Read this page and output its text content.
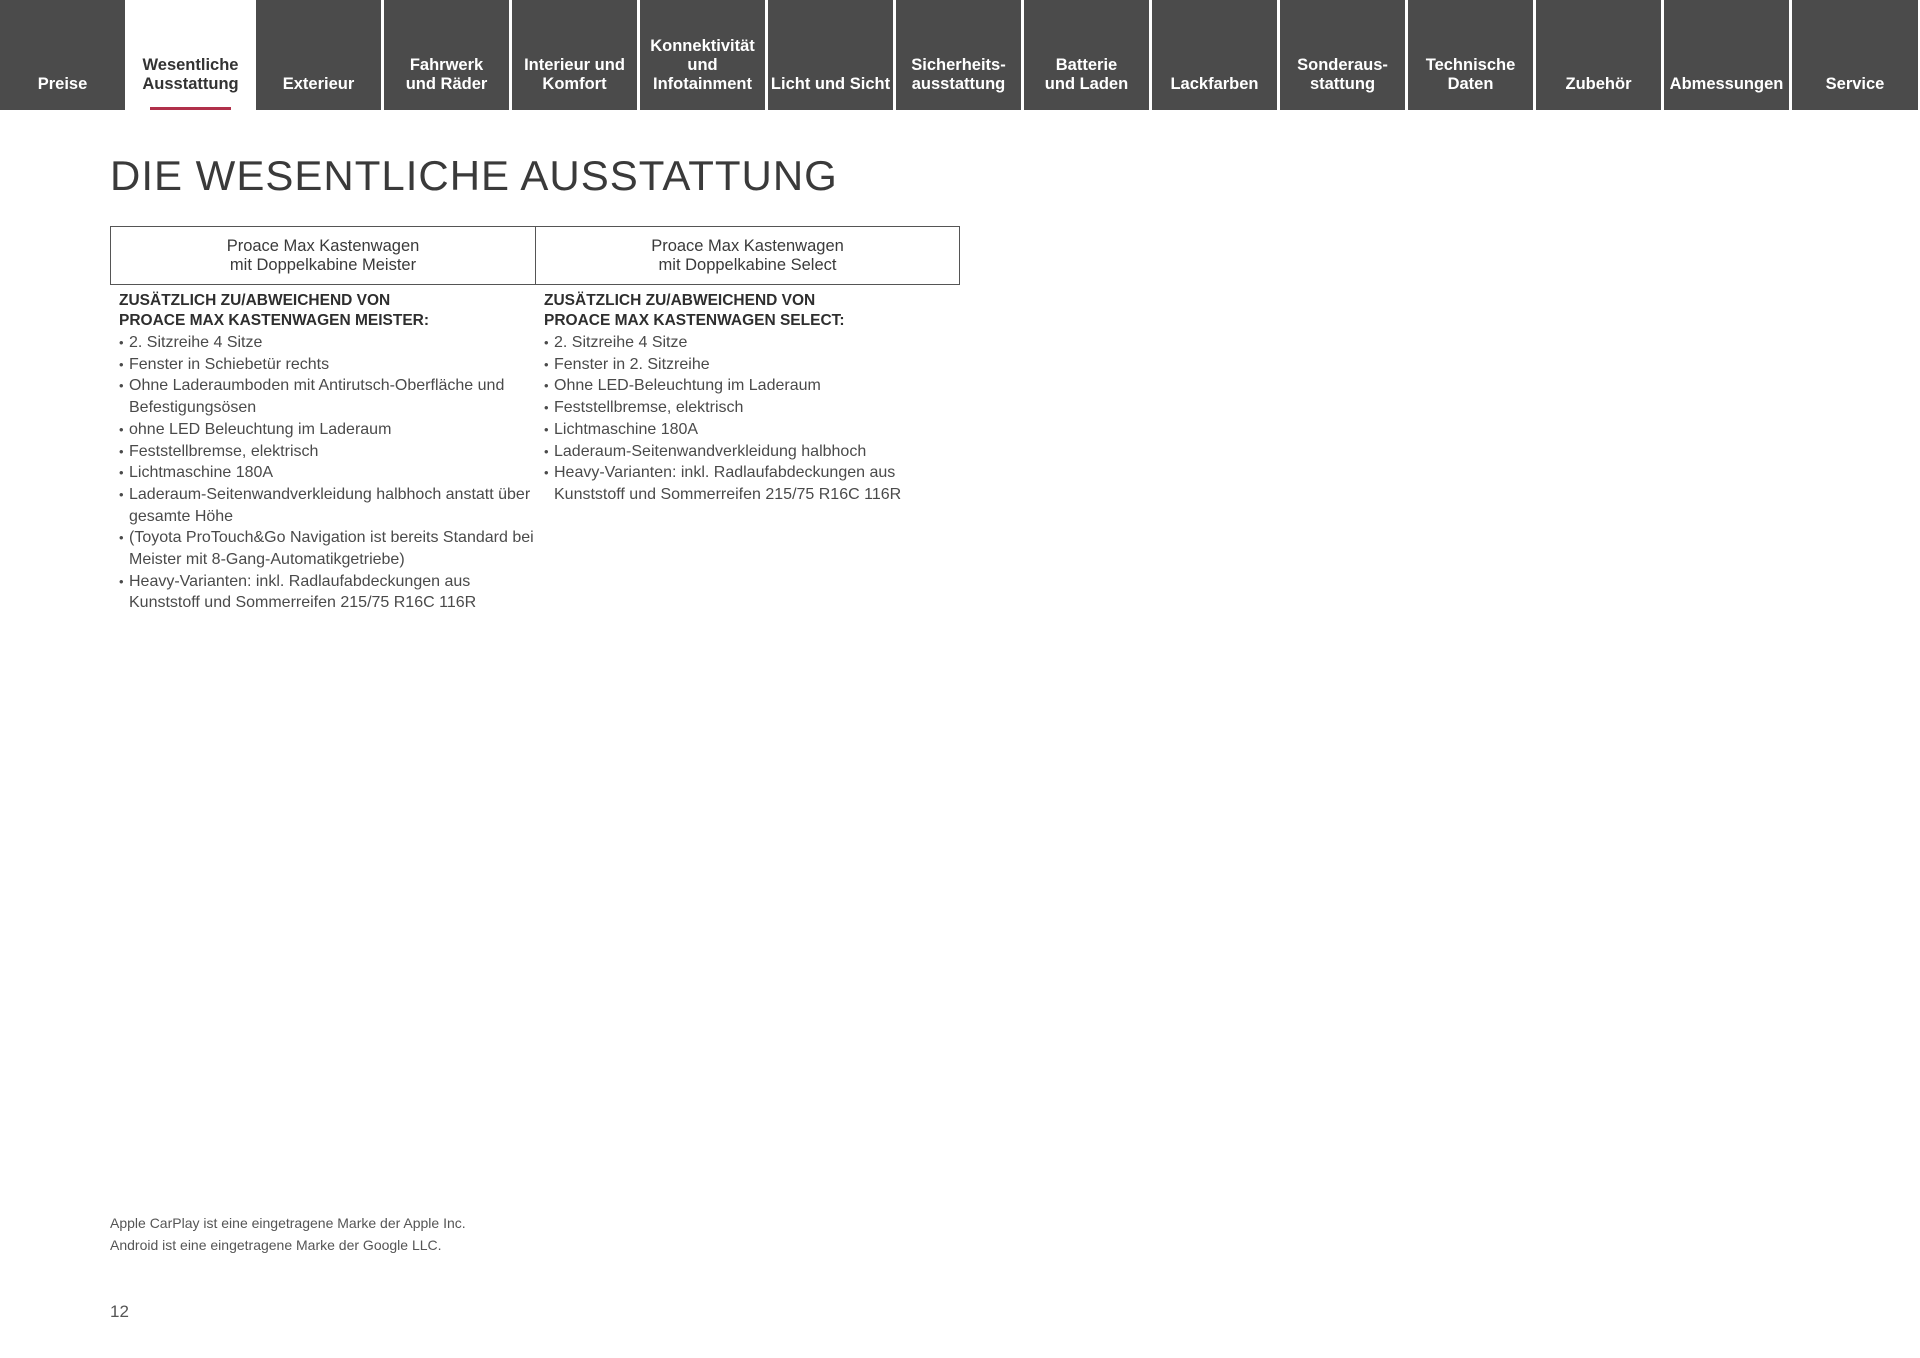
Preise
Wesentliche
Ausstattung	Exterieur
Fahrwerk
und Räder
Interieur und
Komfort
Konnektivität
und
Infotainment	Licht und Sicht
Sicherheits-
ausstattung
Batterie
und Laden	Lackfarben
Sonderaus-
stattung
Technische
Daten	Zubehör	Abmessungen	Service
DIE WESENTLICHE AUSSTATTUNG
Proace Max Kastenwagen
mit Doppelkabine Meister
Proace Max Kastenwagen
mit Doppelkabine Select
ZUSÄTZLICH ZU/ABWEICHEND VON
PROACE MAX KASTENWAGEN MEISTER:
• 2. Sitzreihe 4 Sitze
• Fenster in Schiebetür rechts
• Ohne Laderaumboden mit Antirutsch-Oberfläche und Befestigungsösen
• ohne LED Beleuchtung im Laderaum
• Feststellbremse, elektrisch
• Lichtmaschine 180A
• Laderaum-Seitenwandverkleidung halbhoch anstatt über gesamte Höhe
• (Toyota ProTouch&Go Navigation ist bereits Standard bei Meister mit 8-Gang-Automatikgetriebe)
• Heavy-Varianten: inkl. Radlaufabdeckungen aus Kunststoff und Sommerreifen 215/75 R16C 116R
ZUSÄTZLICH ZU/ABWEICHEND VON
PROACE MAX KASTENWAGEN SELECT:
• 2. Sitzreihe 4 Sitze
• Fenster in 2. Sitzreihe
• Ohne LED-Beleuchtung im Laderaum
• Feststellbremse, elektrisch
• Lichtmaschine 180A
• Laderaum-Seitenwandverkleidung halbhoch
• Heavy-Varianten: inkl. Radlaufabdeckungen aus Kunststoff und Sommerreifen 215/75 R16C 116R
Apple CarPlay ist eine eingetragene Marke der Apple Inc.
Android ist eine eingetragene Marke der Google LLC.
12
